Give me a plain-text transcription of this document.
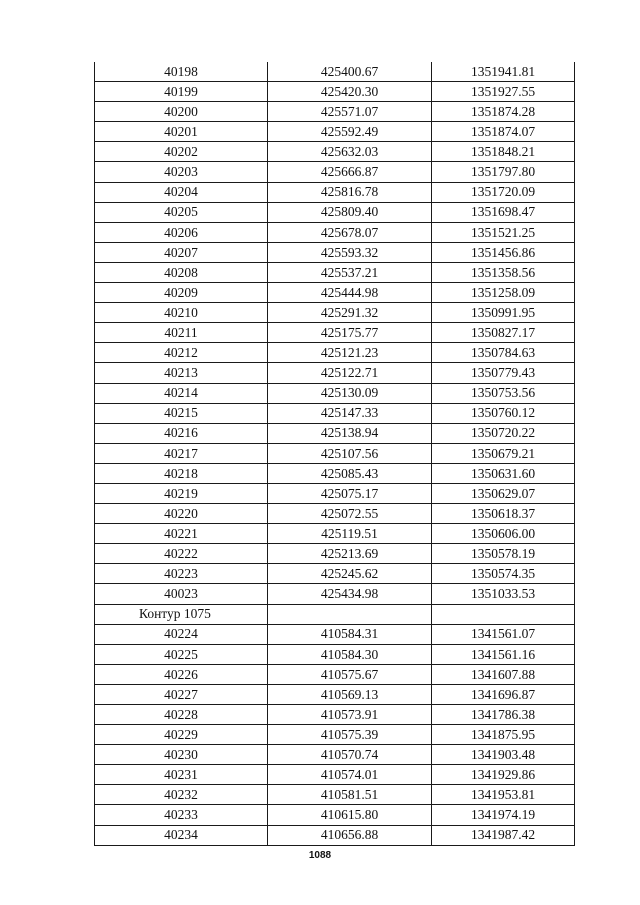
40198	425400.67	1351941.81
40199	425420.30	1351927.55
40200	425571.07	1351874.28
40201	425592.49	1351874.07
40202	425632.03	1351848.21
40203	425666.87	1351797.80
40204	425816.78	1351720.09
40205	425809.40	1351698.47
40206	425678.07	1351521.25
40207	425593.32	1351456.86
40208	425537.21	1351358.56
40209	425444.98	1351258.09
40210	425291.32	1350991.95
40211	425175.77	1350827.17
40212	425121.23	1350784.63
40213	425122.71	1350779.43
40214	425130.09	1350753.56
40215	425147.33	1350760.12
40216	425138.94	1350720.22
40217	425107.56	1350679.21
40218	425085.43	1350631.60
40219	425075.17	1350629.07
40220	425072.55	1350618.37
40221	425119.51	1350606.00
40222	425213.69	1350578.19
40223	425245.62	1350574.35
40023	425434.98	1351033.53
Контур 1075		
40224	410584.31	1341561.07
40225	410584.30	1341561.16
40226	410575.67	1341607.88
40227	410569.13	1341696.87
40228	410573.91	1341786.38
40229	410575.39	1341875.95
40230	410570.74	1341903.48
40231	410574.01	1341929.86
40232	410581.51	1341953.81
40233	410615.80	1341974.19
40234	410656.88	1341987.42
1088
